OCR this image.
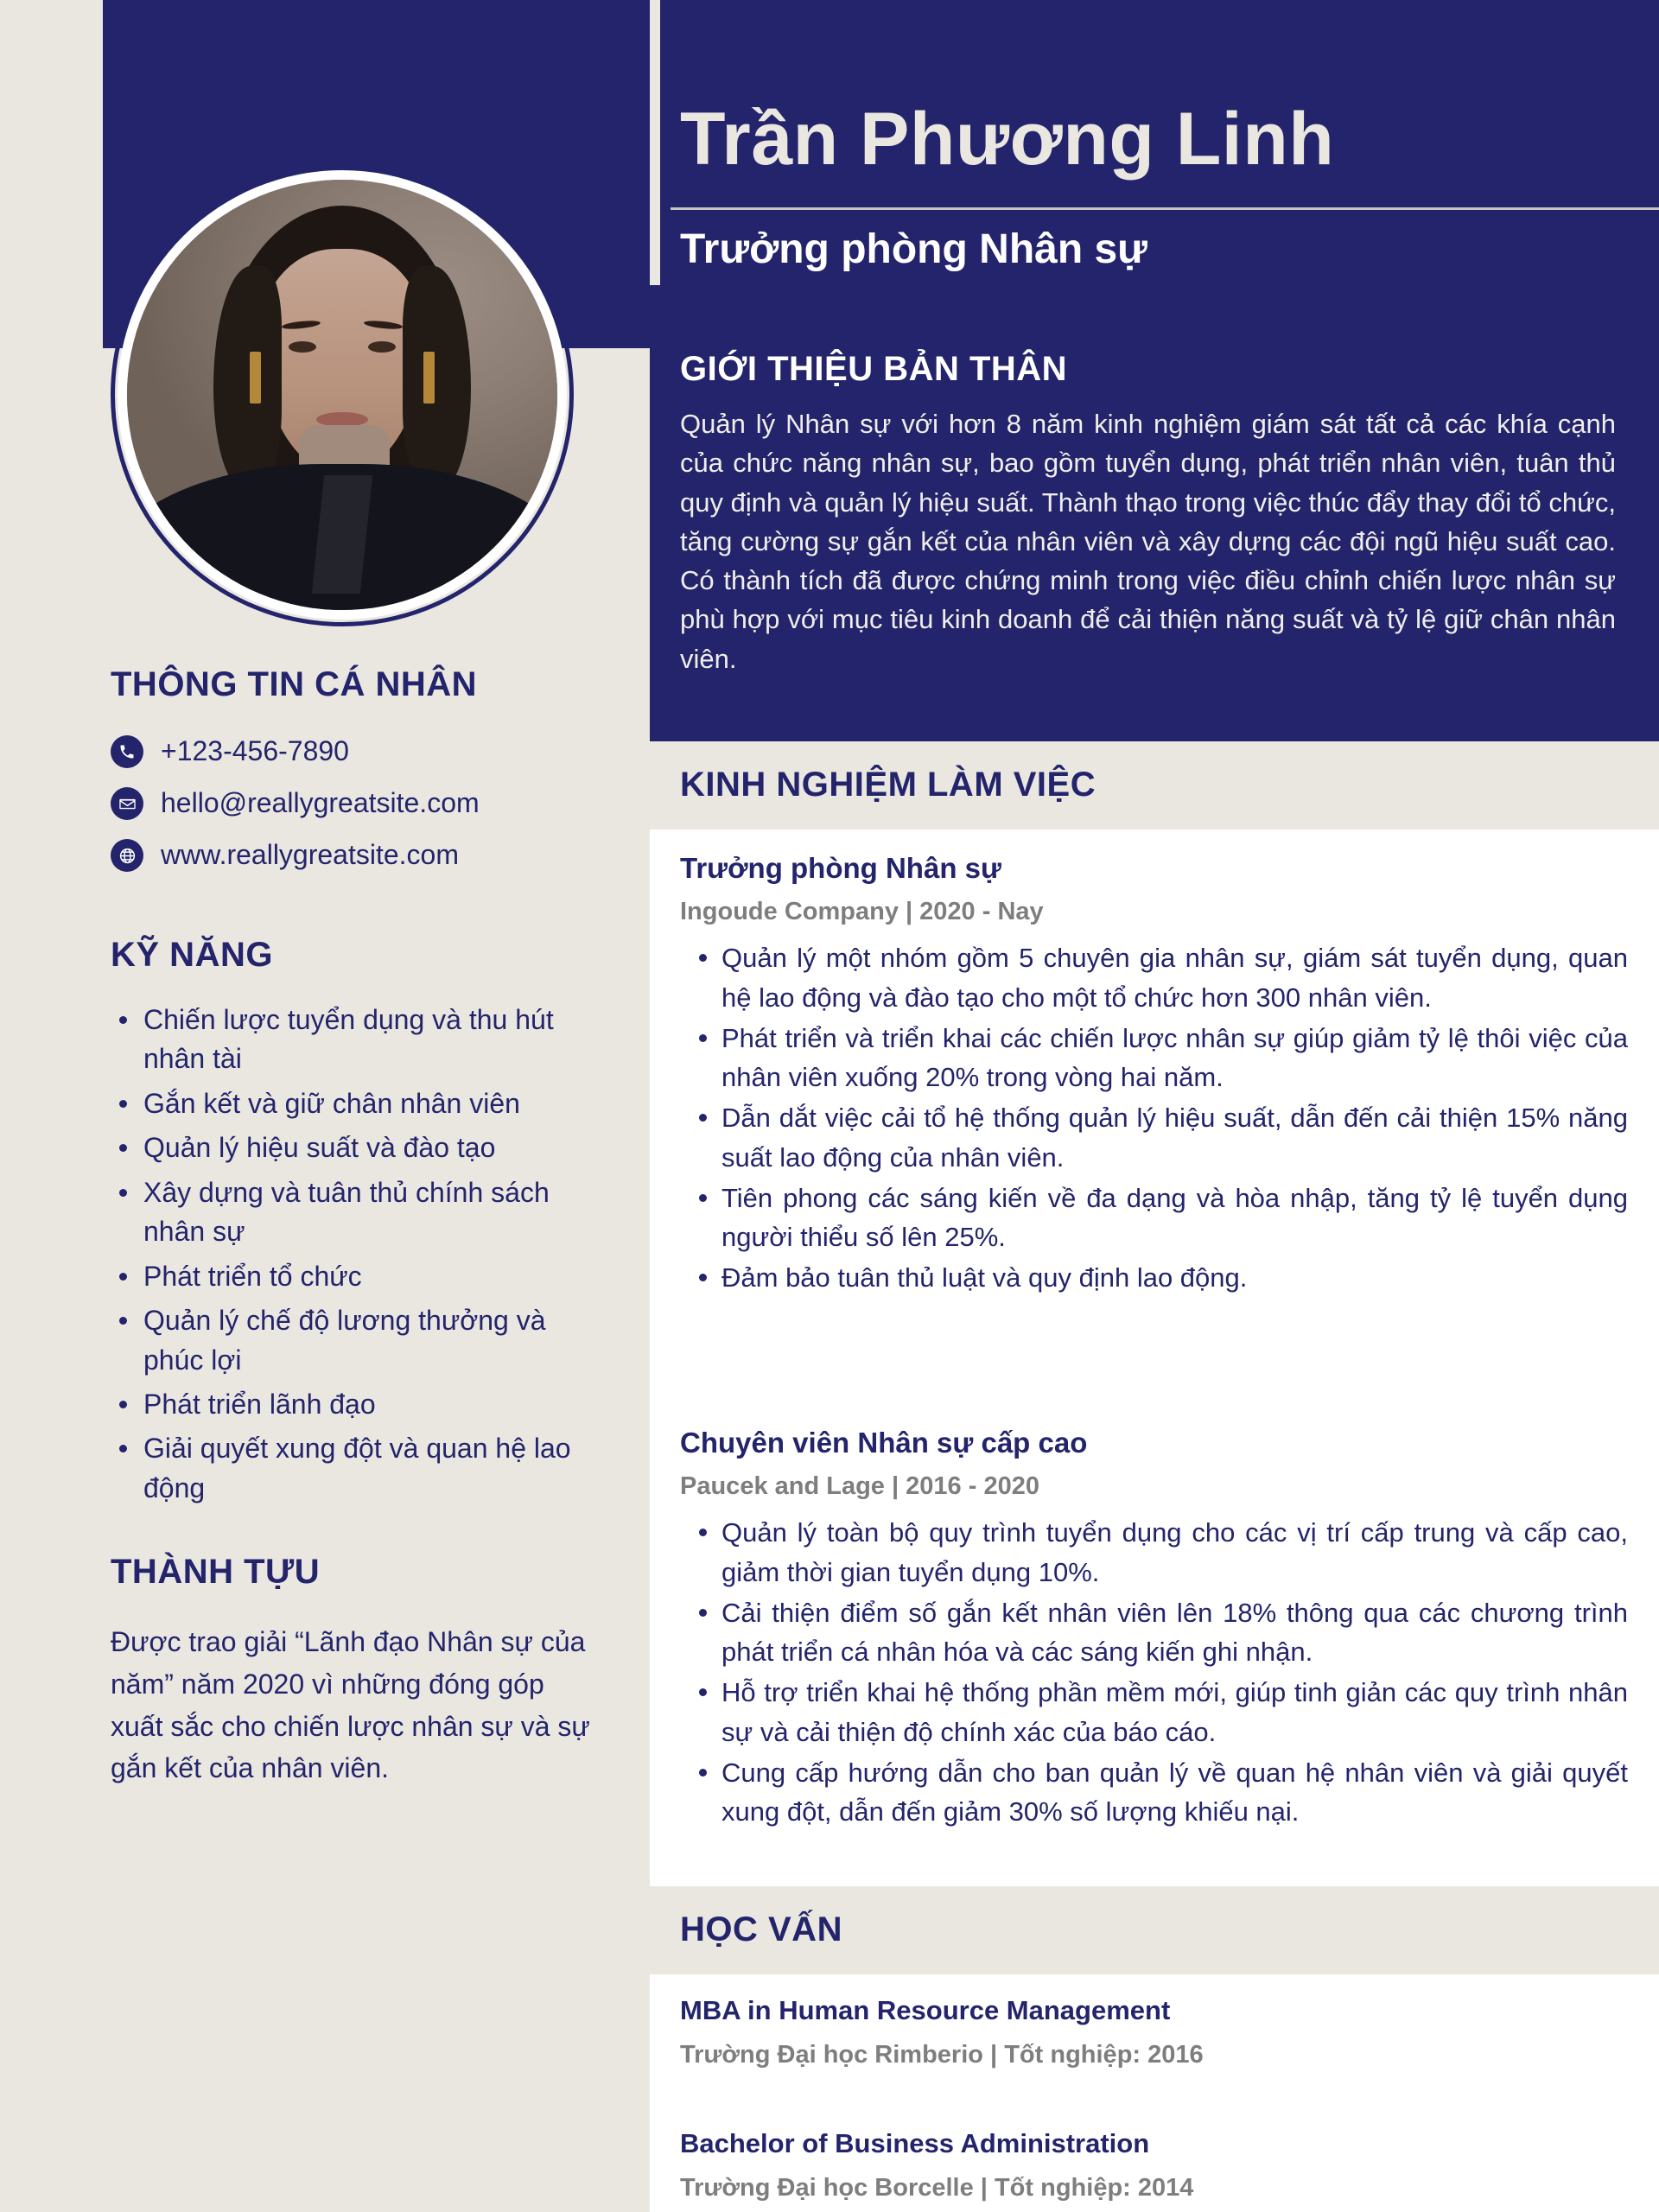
THÔNG TIN CÁ NHÂN
+123-456-7890
hello@reallygreatsite.com
www.reallygreatsite.com
KỸ NĂNG
Chiến lược tuyển dụng và thu hút nhân tài
Gắn kết và giữ chân nhân viên
Quản lý hiệu suất và đào tạo
Xây dựng và tuân thủ chính sách nhân sự
Phát triển tổ chức
Quản lý chế độ lương thưởng và phúc lợi
Phát triển lãnh đạo
Giải quyết xung đột và quan hệ lao động
THÀNH TỰU
Được trao giải “Lãnh đạo Nhân sự của năm” năm 2020 vì những đóng góp xuất sắc cho chiến lược nhân sự và sự gắn kết của nhân viên.
Trần Phương Linh
Trưởng phòng Nhân sự
GIỚI THIỆU BẢN THÂN
Quản lý Nhân sự với hơn 8 năm kinh nghiệm giám sát tất cả các khía cạnh của chức năng nhân sự, bao gồm tuyển dụng, phát triển nhân viên, tuân thủ quy định và quản lý hiệu suất. Thành thạo trong việc thúc đẩy thay đổi tổ chức, tăng cường sự gắn kết của nhân viên và xây dựng các đội ngũ hiệu suất cao. Có thành tích đã được chứng minh trong việc điều chỉnh chiến lược nhân sự phù hợp với mục tiêu kinh doanh để cải thiện năng suất và tỷ lệ giữ chân nhân viên.
KINH NGHIỆM LÀM VIỆC
Trưởng phòng Nhân sự
Ingoude Company | 2020 - Nay
Quản lý một nhóm gồm 5 chuyên gia nhân sự, giám sát tuyển dụng, quan hệ lao động và đào tạo cho một tổ chức hơn 300 nhân viên.
Phát triển và triển khai các chiến lược nhân sự giúp giảm tỷ lệ thôi việc của nhân viên xuống 20% trong vòng hai năm.
Dẫn dắt việc cải tổ hệ thống quản lý hiệu suất, dẫn đến cải thiện 15% năng suất lao động của nhân viên.
Tiên phong các sáng kiến về đa dạng và hòa nhập, tăng tỷ lệ tuyển dụng người thiểu số lên 25%.
Đảm bảo tuân thủ luật và quy định lao động.
Chuyên viên Nhân sự cấp cao
Paucek and Lage | 2016 - 2020
Quản lý toàn bộ quy trình tuyển dụng cho các vị trí cấp trung và cấp cao, giảm thời gian tuyển dụng 10%.
Cải thiện điểm số gắn kết nhân viên lên 18% thông qua các chương trình phát triển cá nhân hóa và các sáng kiến ghi nhận.
Hỗ trợ triển khai hệ thống phần mềm mới, giúp tinh giản các quy trình nhân sự và cải thiện độ chính xác của báo cáo.
Cung cấp hướng dẫn cho ban quản lý về quan hệ nhân viên và giải quyết xung đột, dẫn đến giảm 30% số lượng khiếu nại.
HỌC VẤN
MBA in Human Resource Management
Trường Đại học Rimberio | Tốt nghiệp: 2016
Bachelor of Business Administration
Trường Đại học Borcelle | Tốt nghiệp: 2014
